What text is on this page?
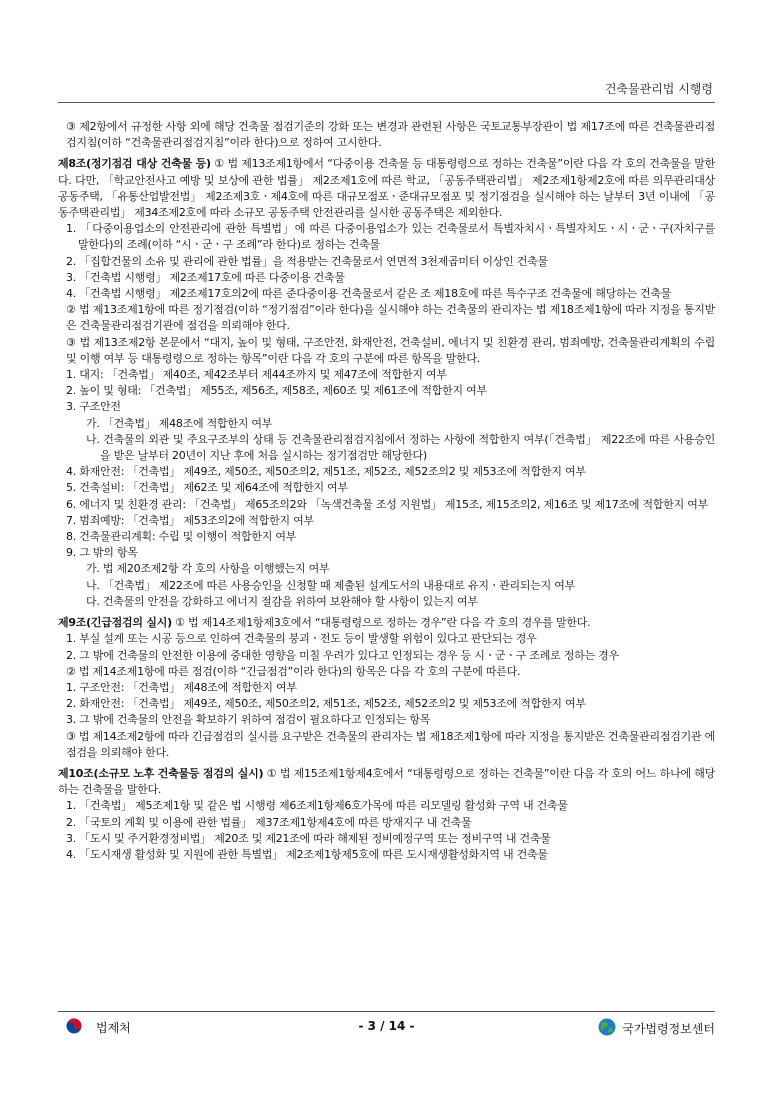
건축물관리법 시행령

③ 제2항에서 규정한 사항 외에 해당 건축물 점검기준의 강화 또는 변경과 관련된 사항은 국토교통부장관이 법 제17조에 따른 건축물관리점검지침(이하 “건축물관리점검지침”이라 한다)으로 정하여 고시한다.

제8조(정기점검 대상 건축물 등) ① 법 제13조제1항에서 “다중이용 건축물 등 대통령령으로 정하는 건축물”이란 다음 각 호의 건축물을 말한다. 다만, 「학교안전사고 예방 및 보상에 관한 법률」 제2조제1호에 따른 학교, 「공동주택관리법」 제2조제1항제2호에 따른 의무관리대상 공동주택, 「유통산업발전법」 제2조제3호ㆍ제4호에 따른 대규모점포ㆍ준대규모점포 및 정기점검을 실시해야 하는 날부터 3년 이내에 「공동주택관리법」 제34조제2호에 따라 소규모 공동주택 안전관리를 실시한 공동주택은 제외한다.

1. 「다중이용업소의 안전관리에 관한 특별법」에 따른 다중이용업소가 있는 건축물로서 특별자치시ㆍ특별자치도ㆍ시ㆍ군ㆍ구(자치구를 말한다)의 조례(이하 “시ㆍ군ㆍ구 조례”라 한다)로 정하는 건축물

2. 「집합건물의 소유 및 관리에 관한 법률」을 적용받는 건축물로서 연면적 3천제곱미터 이상인 건축물

3. 「건축법 시행령」 제2조제17호에 따른 다중이용 건축물

4. 「건축법 시행령」 제2조제17호의2에 따른 준다중이용 건축물로서 같은 조 제18호에 따른 특수구조 건축물에 해당하는 건축물

② 법 제13조제1항에 따른 정기점검(이하 “정기점검”이라 한다)을 실시해야 하는 건축물의 관리자는 법 제18조제1항에 따라 지정을 통지받은 건축물관리점검기관에 점검을 의뢰해야 한다.

③ 법 제13조제2항 본문에서 “대지, 높이 및 형태, 구조안전, 화재안전, 건축설비, 에너지 및 친환경 관리, 범죄예방, 건축물관리계획의 수립 및 이행 여부 등 대통령령으로 정하는 항목”이란 다음 각 호의 구분에 따른 항목을 말한다.

1. 대지: 「건축법」 제40조, 제42조부터 제44조까지 및 제47조에 적합한지 여부

2. 높이 및 형태: 「건축법」 제55조, 제56조, 제58조, 제60조 및 제61조에 적합한지 여부

3. 구조안전

가. 「건축법」 제48조에 적합한지 여부

나. 건축물의 외관 및 주요구조부의 상태 등 건축물관리점검지침에서 정하는 사항에 적합한지 여부(「건축법」 제22조에 따른 사용승인을 받은 날부터 20년이 지난 후에 처음 실시하는 정기점검만 해당한다)

4. 화재안전: 「건축법」 제49조, 제50조, 제50조의2, 제51조, 제52조, 제52조의2 및 제53조에 적합한지 여부

5. 건축설비: 「건축법」 제62조 및 제64조에 적합한지 여부

6. 에너지 및 친환경 관리: 「건축법」 제65조의2와 「녹색건축물 조성 지원법」 제15조, 제15조의2, 제16조 및 제17조에 적합한지 여부

7. 범죄예방: 「건축법」 제53조의2에 적합한지 여부

8. 건축물관리계획: 수립 및 이행이 적합한지 여부

9. 그 밖의 항목

가. 법 제20조제2항 각 호의 사항을 이행했는지 여부

나. 「건축법」 제22조에 따른 사용승인을 신청할 때 제출된 설계도서의 내용대로 유지ㆍ관리되는지 여부

다. 건축물의 안전을 강화하고 에너지 절감을 위하여 보완해야 할 사항이 있는지 여부

제9조(긴급점검의 실시) ① 법 제14조제1항제3호에서 “대통령령으로 정하는 경우”란 다음 각 호의 경우를 말한다.

1. 부실 설계 또는 시공 등으로 인하여 건축물의 붕괴ㆍ전도 등이 발생할 위험이 있다고 판단되는 경우

2. 그 밖에 건축물의 안전한 이용에 중대한 영향을 미칠 우려가 있다고 인정되는 경우 등 시ㆍ군ㆍ구 조례로 정하는 경우

② 법 제14조제1항에 따른 점검(이하 “긴급점검”이라 한다)의 항목은 다음 각 호의 구분에 따른다.

1. 구조안전: 「건축법」 제48조에 적합한지 여부

2. 화재안전: 「건축법」 제49조, 제50조, 제50조의2, 제51조, 제52조, 제52조의2 및 제53조에 적합한지 여부

3. 그 밖에 건축물의 안전을 확보하기 위하여 점검이 필요하다고 인정되는 항목

③ 법 제14조제2항에 따라 긴급점검의 실시를 요구받은 건축물의 관리자는 법 제18조제1항에 따라 지정을 통지받은 건축물관리점검기관 에 점검을 의뢰해야 한다.

제10조(소규모 노후 건축물등 점검의 실시) ① 법 제15조제1항제4호에서 “대통령령으로 정하는 건축물”이란 다음 각 호의 어느 하나에 해당하는 건축물을 말한다.

1. 「건축법」 제5조제1항 및 같은 법 시행령 제6조제1항제6호가목에 따른 리모델링 활성화 구역 내 건축물

2. 「국토의 계획 및 이용에 관한 법률」 제37조제1항제4호에 따른 방재지구 내 건축물

3. 「도시 및 주거환경정비법」 제20조 및 제21조에 따라 해제된 정비예정구역 또는 정비구역 내 건축물

4. 「도시재생 활성화 및 지원에 관한 특별법」 제2조제1항제5호에 따른 도시재생활성화지역 내 건축물

법제처	- 3 / 14 -	국가법령정보센터
